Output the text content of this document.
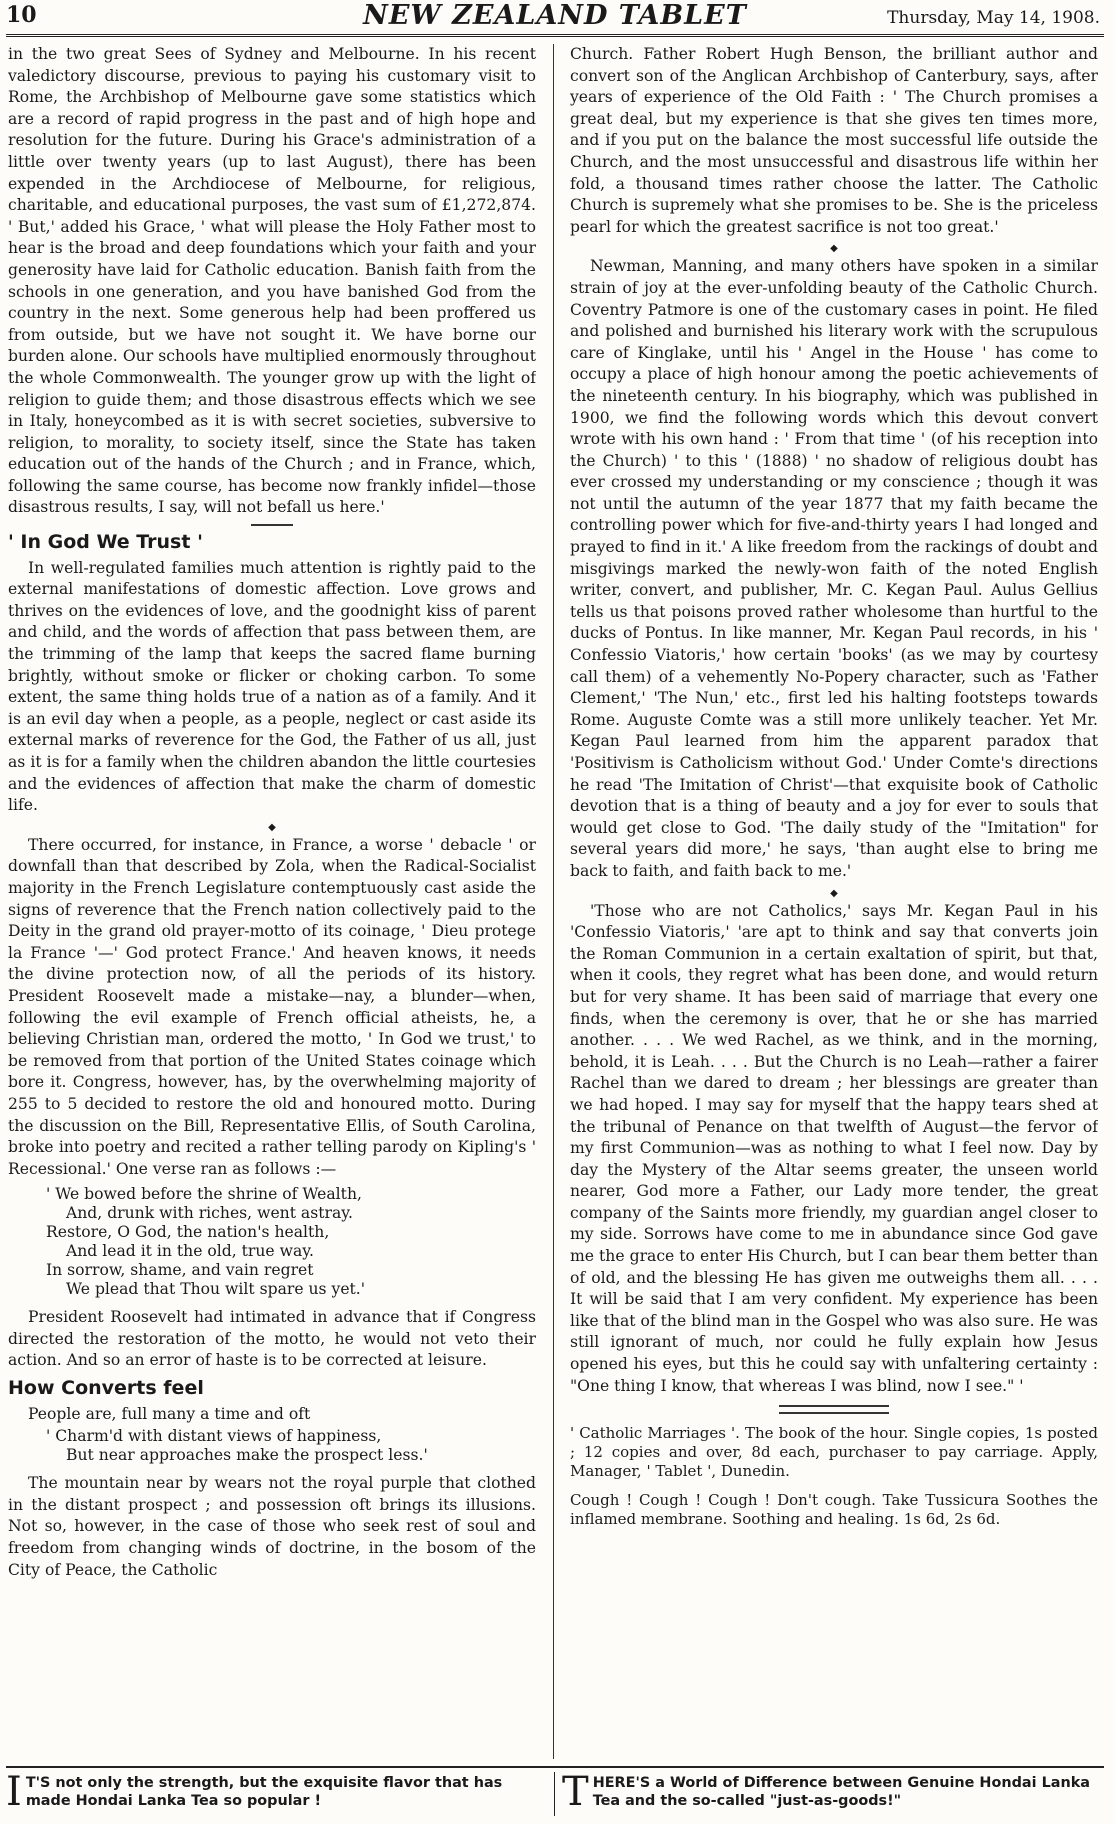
10	NEW ZEALAND TABLET	Thursday, May 14, 1908.

in the two great Sees of Sydney and Melbourne. In his recent valedictory discourse, previous to paying his customary visit to Rome, the Archbishop of Melbourne gave some statistics which are a record of rapid progress in the past and of high hope and resolution for the future. During his Grace's administration of a little over twenty years (up to last August), there has been expended in the Archdiocese of Melbourne, for religious, charitable, and educational purposes, the vast sum of £1,272,874. ' But,' added his Grace, ' what will please the Holy Father most to hear is the broad and deep foundations which your faith and your generosity have laid for Catholic education. Banish faith from the schools in one generation, and you have banished God from the country in the next. Some generous help had been proffered us from outside, but we have not sought it. We have borne our burden alone. Our schools have multiplied enormously throughout the whole Commonwealth. The younger grow up with the light of religion to guide them; and those disastrous effects which we see in Italy, honeycombed as it is with secret societies, subversive to religion, to morality, to society itself, since the State has taken education out of the hands of the Church ; and in France, which, following the same course, has become now frankly infidel—those disastrous results, I say, will not befall us here.'

' In God We Trust '

In well-regulated families much attention is rightly paid to the external manifestations of domestic affection. Love grows and thrives on the evidences of love, and the goodnight kiss of parent and child, and the words of affection that pass between them, are the trimming of the lamp that keeps the sacred flame burning brightly, without smoke or flicker or choking carbon. To some extent, the same thing holds true of a nation as of a family. And it is an evil day when a people, as a people, neglect or cast aside its external marks of reverence for the God, the Father of us all, just as it is for a family when the children abandon the little courtesies and the evidences of affection that make the charm of domestic life.

◆

There occurred, for instance, in France, a worse ' debacle ' or downfall than that described by Zola, when the Radical-Socialist majority in the French Legislature contemptuously cast aside the signs of reverence that the French nation collectively paid to the Deity in the grand old prayer-motto of its coinage, ' Dieu protege la France '—' God protect France.' And heaven knows, it needs the divine protection now, of all the periods of its history. President Roosevelt made a mistake—nay, a blunder—when, following the evil example of French official atheists, he, a believing Christian man, ordered the motto, ' In God we trust,' to be removed from that portion of the United States coinage which bore it. Congress, however, has, by the overwhelming majority of 255 to 5 decided to restore the old and honoured motto. During the discussion on the Bill, Representative Ellis, of South Carolina, broke into poetry and recited a rather telling parody on Kipling's ' Recessional.' One verse ran as follows :—

' We bowed before the shrine of Wealth,
And, drunk with riches, went astray.
Restore, O God, the nation's health,
And lead it in the old, true way.
In sorrow, shame, and vain regret
We plead that Thou wilt spare us yet.'

President Roosevelt had intimated in advance that if Congress directed the restoration of the motto, he would not veto their action. And so an error of haste is to be corrected at leisure.

How Converts feel

People are, full many a time and oft

' Charm'd with distant views of happiness,
But near approaches make the prospect less.'

The mountain near by wears not the royal purple that clothed in the distant prospect ; and possession oft brings its illusions. Not so, however, in the case of those who seek rest of soul and freedom from changing winds of doctrine, in the bosom of the City of Peace, the Catholic

Church. Father Robert Hugh Benson, the brilliant author and convert son of the Anglican Archbishop of Canterbury, says, after years of experience of the Old Faith : ' The Church promises a great deal, but my experience is that she gives ten times more, and if you put on the balance the most successful life outside the Church, and the most unsuccessful and disastrous life within her fold, a thousand times rather choose the latter. The Catholic Church is supremely what she promises to be. She is the priceless pearl for which the greatest sacrifice is not too great.'

◆

Newman, Manning, and many others have spoken in a similar strain of joy at the ever-unfolding beauty of the Catholic Church. Coventry Patmore is one of the customary cases in point. He filed and polished and burnished his literary work with the scrupulous care of Kinglake, until his ' Angel in the House ' has come to occupy a place of high honour among the poetic achievements of the nineteenth century. In his biography, which was published in 1900, we find the following words which this devout convert wrote with his own hand : ' From that time ' (of his reception into the Church) ' to this ' (1888) ' no shadow of religious doubt has ever crossed my understanding or my conscience ; though it was not until the autumn of the year 1877 that my faith became the controlling power which for five-and-thirty years I had longed and prayed to find in it.' A like freedom from the rackings of doubt and misgivings marked the newly-won faith of the noted English writer, convert, and publisher, Mr. C. Kegan Paul. Aulus Gellius tells us that poisons proved rather wholesome than hurtful to the ducks of Pontus. In like manner, Mr. Kegan Paul records, in his ' Confessio Viatoris,' how certain 'books' (as we may by courtesy call them) of a vehemently No-Popery character, such as 'Father Clement,' 'The Nun,' etc., first led his halting footsteps towards Rome. Auguste Comte was a still more unlikely teacher. Yet Mr. Kegan Paul learned from him the apparent paradox that 'Positivism is Catholicism without God.' Under Comte's directions he read 'The Imitation of Christ'—that exquisite book of Catholic devotion that is a thing of beauty and a joy for ever to souls that would get close to God. 'The daily study of the "Imitation" for several years did more,' he says, 'than aught else to bring me back to faith, and faith back to me.'

◆

'Those who are not Catholics,' says Mr. Kegan Paul in his 'Confessio Viatoris,' 'are apt to think and say that converts join the Roman Communion in a certain exaltation of spirit, but that, when it cools, they regret what has been done, and would return but for very shame. It has been said of marriage that every one finds, when the ceremony is over, that he or she has married another. . . . We wed Rachel, as we think, and in the morning, behold, it is Leah. . . . But the Church is no Leah—rather a fairer Rachel than we dared to dream ; her blessings are greater than we had hoped. I may say for myself that the happy tears shed at the tribunal of Penance on that twelfth of August—the fervor of my first Communion—was as nothing to what I feel now. Day by day the Mystery of the Altar seems greater, the unseen world nearer, God more a Father, our Lady more tender, the great company of the Saints more friendly, my guardian angel closer to my side. Sorrows have come to me in abundance since God gave me the grace to enter His Church, but I can bear them better than of old, and the blessing He has given me outweighs them all. . . . It will be said that I am very confident. My experience has been like that of the blind man in the Gospel who was also sure. He was still ignorant of much, nor could he fully explain how Jesus opened his eyes, but this he could say with unfaltering certainty : "One thing I know, that whereas I was blind, now I see." '

' Catholic Marriages '. The book of the hour. Single copies, 1s posted ; 12 copies and over, 8d each, purchaser to pay carriage. Apply, Manager, ' Tablet ', Dunedin.
Cough ! Cough ! Cough ! Don't cough. Take Tussicura Soothes the inflamed membrane. Soothing and healing. 1s 6d, 2s 6d.
I T'S not only the strength, but the exquisite flavor that has made Hondai Lanka Tea so popular !	T HERE'S a World of Difference between Genuine Hondai Lanka Tea and the so-called "just-as-goods!"
